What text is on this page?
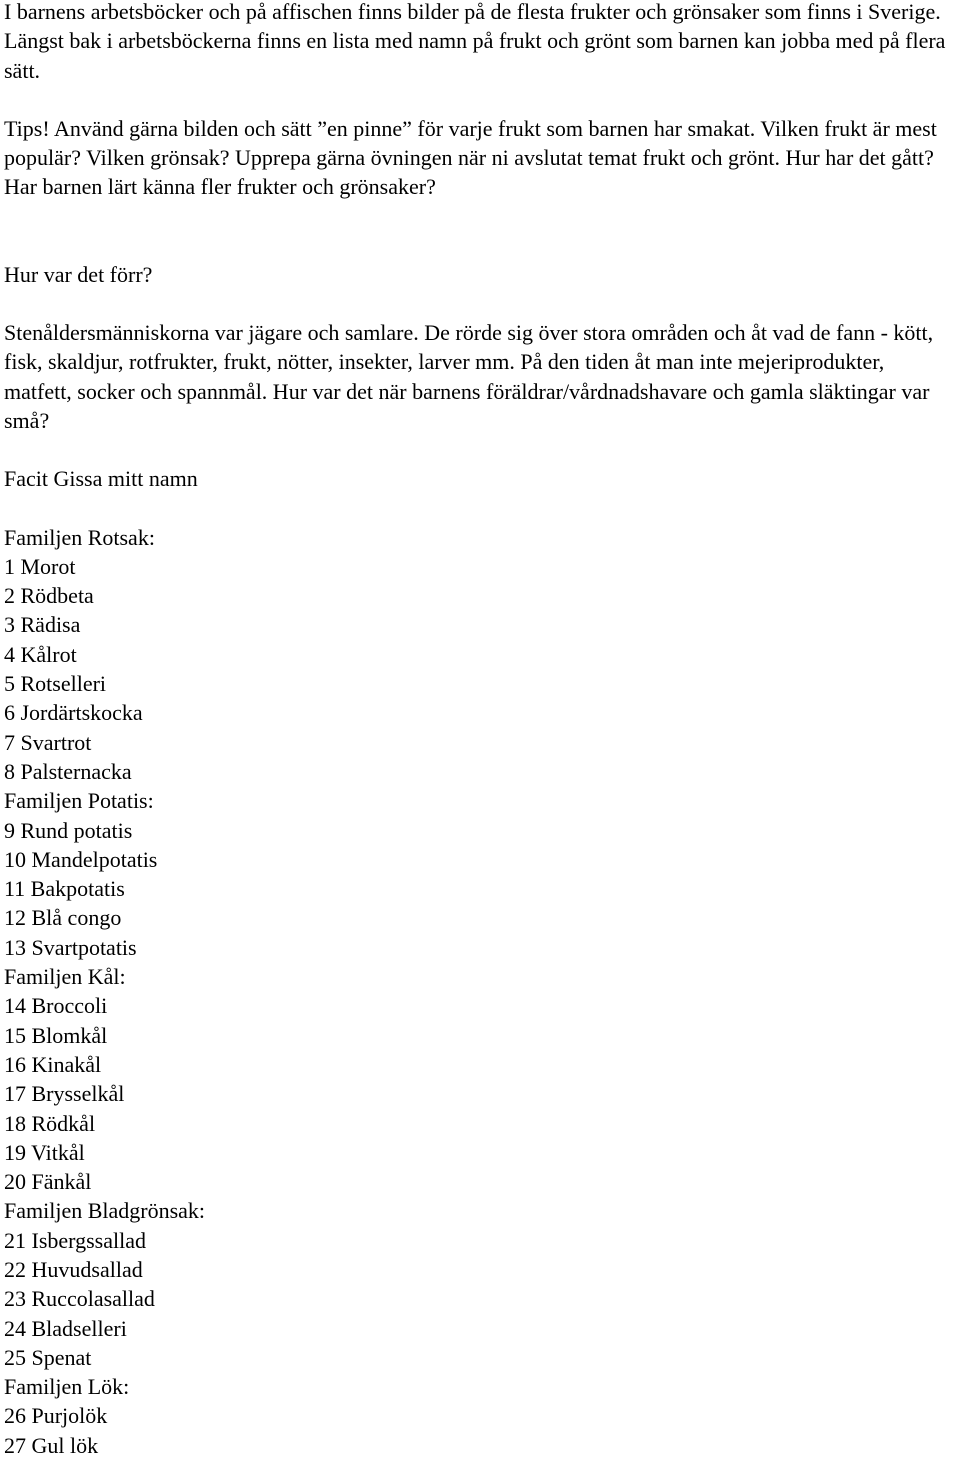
I barnens arbetsböcker och på affischen finns bilder på de flesta frukter och grönsaker som finns i Sverige. Längst bak i arbetsböckerna finns en lista med namn på frukt och grönt som barnen kan jobba med på flera sätt.

Tips! Använd gärna bilden och sätt ”en pinne” för varje frukt som barnen har smakat. Vilken frukt är mest populär? Vilken grönsak? Upprepa gärna övningen när ni avslutat temat frukt och grönt. Hur har det gått? Har barnen lärt känna fler frukter och grönsaker?

Hur var det förr?

Stenåldersmänniskorna var jägare och samlare. De rörde sig över stora områden och åt vad de fann - kött, fisk, skaldjur, rotfrukter, frukt, nötter, insekter, larver mm. På den tiden åt man inte mejeriprodukter, matfett, socker och spannmål. Hur var det när barnens föräldrar/vårdnadshavare och gamla släktingar var små?

Facit Gissa mitt namn

Familjen Rotsak:
1 Morot
2 Rödbeta
3 Rädisa
4 Kålrot
5 Rotselleri
6 Jordärtskocka
7 Svartrot
8 Palsternacka
Familjen Potatis:
9 Rund potatis
10 Mandelpotatis
11 Bakpotatis
12 Blå congo
13 Svartpotatis
Familjen Kål:
14 Broccoli
15 Blomkål
16 Kinakål
17 Brysselkål
18 Rödkål
19 Vitkål
20 Fänkål
Familjen Bladgrönsak:
21 Isbergssallad
22 Huvudsallad
23 Ruccolasallad
24 Bladselleri
25 Spenat
Familjen Lök:
26 Purjolök
27 Gul lök
